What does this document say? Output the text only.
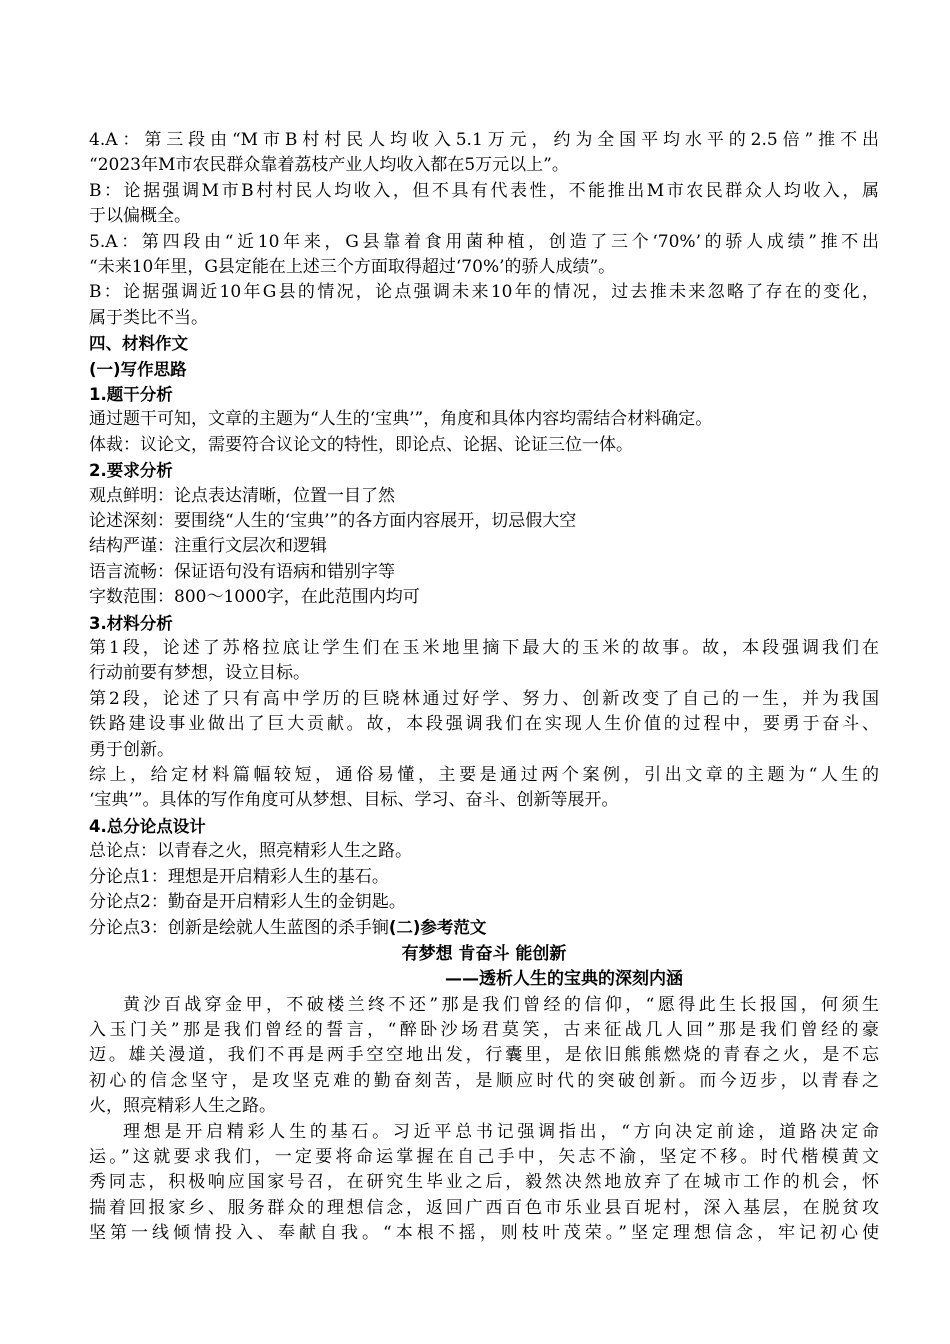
4.A：第三段由“M市B村村民人均收入5.1万元，约为全国平均水平的2.5倍”推不出
“2023年M市农民群众靠着荔枝产业人均收入都在5万元以上”。
B：论据强调M市B村村民人均收入，但不具有代表性，不能推出M市农民群众人均收入，属
于以偏概全。
5.A：第四段由“近10年来，G县靠着食用菌种植，创造了三个‘70%’的骄人成绩”推不出
“未来10年里，G县定能在上述三个方面取得超过‘70%’的骄人成绩”。
B：论据强调近10年G县的情况，论点强调未来10年的情况，过去推未来忽略了存在的变化，
属于类比不当。
四、材料作文
(一)写作思路
1.题干分析
通过题干可知，文章的主题为“人生的‘宝典’”，角度和具体内容均需结合材料确定。
体裁：议论文，需要符合议论文的特性，即论点、论据、论证三位一体。
2.要求分析
观点鲜明：论点表达清晰，位置一目了然
论述深刻：要围绕“人生的‘宝典’”的各方面内容展开，切忌假大空
结构严谨：注重行文层次和逻辑
语言流畅：保证语句没有语病和错别字等
字数范围：800～1000字，在此范围内均可
3.材料分析
第1段，论述了苏格拉底让学生们在玉米地里摘下最大的玉米的故事。故，本段强调我们在
行动前要有梦想，设立目标。
第2段，论述了只有高中学历的巨晓林通过好学、努力、创新改变了自己的一生，并为我国
铁路建设事业做出了巨大贡献。故，本段强调我们在实现人生价值的过程中，要勇于奋斗、
勇于创新。
综上，给定材料篇幅较短，通俗易懂，主要是通过两个案例，引出文章的主题为“人生的
‘宝典’”。具体的写作角度可从梦想、目标、学习、奋斗、创新等展开。
4.总分论点设计
总论点：以青春之火，照亮精彩人生之路。
分论点1：理想是开启精彩人生的基石。
分论点2：勤奋是开启精彩人生的金钥匙。
分论点3：创新是绘就人生蓝图的杀手锏(二)参考范文
有梦想 肯奋斗 能创新
——透析人生的宝典的深刻内涵
黄沙百战穿金甲，不破楼兰终不还”那是我们曾经的信仰，“愿得此生长报国，何须生
入玉门关”那是我们曾经的誓言，“醉卧沙场君莫笑，古来征战几人回”那是我们曾经的豪
迈。雄关漫道，我们不再是两手空空地出发，行囊里，是依旧熊熊燃烧的青春之火，是不忘
初心的信念坚守，是攻坚克难的勤奋刻苦，是顺应时代的突破创新。而今迈步，以青春之
火，照亮精彩人生之路。
理想是开启精彩人生的基石。习近平总书记强调指出，“方向决定前途，道路决定命
运。”这就要求我们，一定要将命运掌握在自己手中，矢志不渝，坚定不移。时代楷模黄文
秀同志，积极响应国家号召，在研究生毕业之后，毅然决然地放弃了在城市工作的机会，怀
揣着回报家乡、服务群众的理想信念，返回广西百色市乐业县百坭村，深入基层，在脱贫攻
坚第一线倾情投入、奉献自我。“本根不摇，则枝叶茂荣。”坚定理想信念，牢记初心使
